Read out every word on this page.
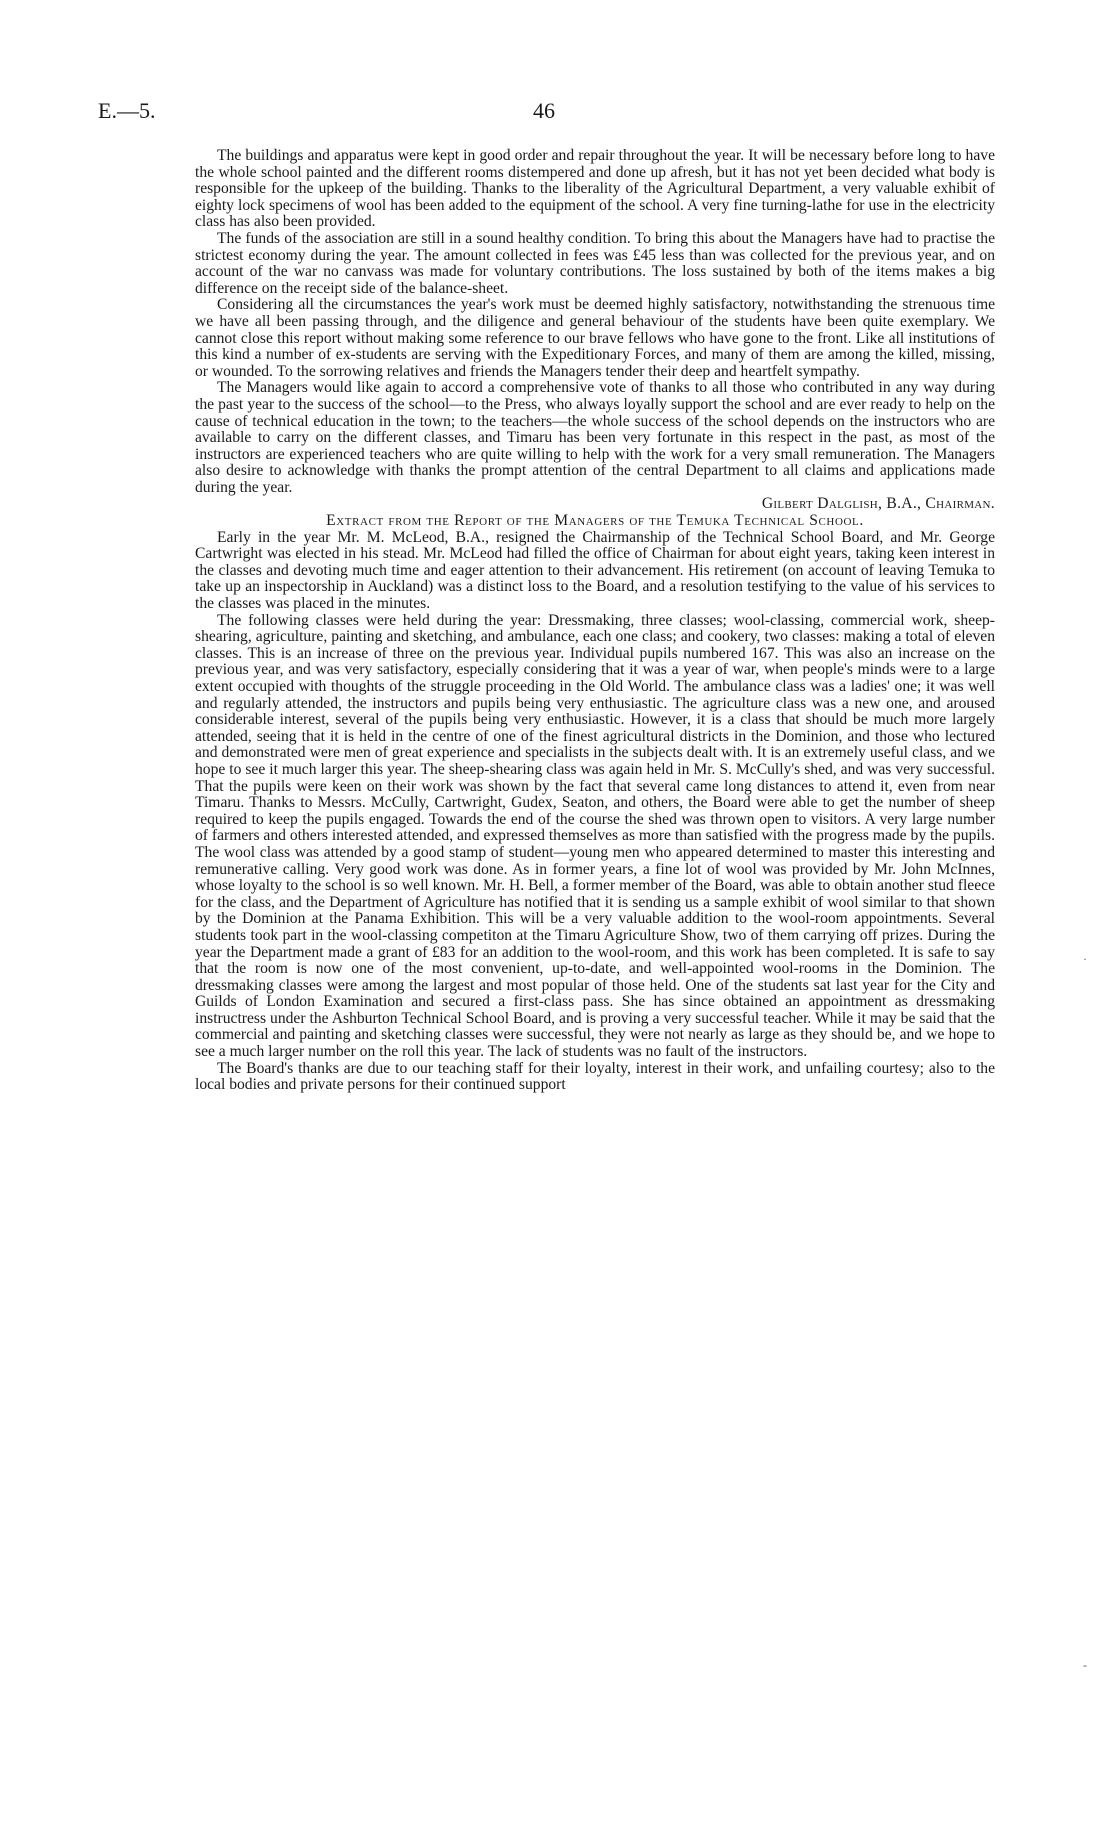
E.—5.	46

The buildings and apparatus were kept in good order and repair throughout the year. It will be necessary before long to have the whole school painted and the different rooms distempered and done up afresh, but it has not yet been decided what body is responsible for the upkeep of the building. Thanks to the liberality of the Agricultural Department, a very valuable exhibit of eighty lock specimens of wool has been added to the equipment of the school. A very fine turning-lathe for use in the electricity class has also been provided.

The funds of the association are still in a sound healthy condition. To bring this about the Managers have had to practise the strictest economy during the year. The amount collected in fees was £45 less than was collected for the previous year, and on account of the war no canvass was made for voluntary contributions. The loss sustained by both of the items makes a big difference on the receipt side of the balance-sheet.

Considering all the circumstances the year's work must be deemed highly satisfactory, notwithstanding the strenuous time we have all been passing through, and the diligence and general behaviour of the students have been quite exemplary. We cannot close this report without making some reference to our brave fellows who have gone to the front. Like all institutions of this kind a number of ex-students are serving with the Expeditionary Forces, and many of them are among the killed, missing, or wounded. To the sorrowing relatives and friends the Managers tender their deep and heartfelt sympathy.

The Managers would like again to accord a comprehensive vote of thanks to all those who contributed in any way during the past year to the success of the school—to the Press, who always loyally support the school and are ever ready to help on the cause of technical education in the town; to the teachers—the whole success of the school depends on the instructors who are available to carry on the different classes, and Timaru has been very fortunate in this respect in the past, as most of the instructors are experienced teachers who are quite willing to help with the work for a very small remuneration. The Managers also desire to acknowledge with thanks the prompt attention of the central Department to all claims and applications made during the year.

Gilbert Dalglish, B.A., Chairman.

Extract from the Report of the Managers of the Temuka Technical School.

Early in the year Mr. M. McLeod, B.A., resigned the Chairmanship of the Technical School Board, and Mr. George Cartwright was elected in his stead. Mr. McLeod had filled the office of Chairman for about eight years, taking keen interest in the classes and devoting much time and eager attention to their advancement. His retirement (on account of leaving Temuka to take up an inspectorship in Auckland) was a distinct loss to the Board, and a resolution testifying to the value of his services to the classes was placed in the minutes.

The following classes were held during the year: Dressmaking, three classes; wool-classing, commercial work, sheep-shearing, agriculture, painting and sketching, and ambulance, each one class; and cookery, two classes: making a total of eleven classes. This is an increase of three on the previous year. Individual pupils numbered 167. This was also an increase on the previous year, and was very satisfactory, especially considering that it was a year of war, when people's minds were to a large extent occupied with thoughts of the struggle proceeding in the Old World. The ambulance class was a ladies' one; it was well and regularly attended, the instructors and pupils being very enthusiastic. The agriculture class was a new one, and aroused considerable interest, several of the pupils being very enthusiastic. However, it is a class that should be much more largely attended, seeing that it is held in the centre of one of the finest agricultural districts in the Dominion, and those who lectured and demonstrated were men of great experience and specialists in the subjects dealt with. It is an extremely useful class, and we hope to see it much larger this year. The sheep-shearing class was again held in Mr. S. McCully's shed, and was very successful. That the pupils were keen on their work was shown by the fact that several came long distances to attend it, even from near Timaru. Thanks to Messrs. McCully, Cartwright, Gudex, Seaton, and others, the Board were able to get the number of sheep required to keep the pupils engaged. Towards the end of the course the shed was thrown open to visitors. A very large number of farmers and others interested attended, and expressed themselves as more than satisfied with the progress made by the pupils. The wool class was attended by a good stamp of student—young men who appeared determined to master this interesting and remunerative calling. Very good work was done. As in former years, a fine lot of wool was provided by Mr. John McInnes, whose loyalty to the school is so well known. Mr. H. Bell, a former member of the Board, was able to obtain another stud fleece for the class, and the Department of Agriculture has notified that it is sending us a sample exhibit of wool similar to that shown by the Dominion at the Panama Exhibition. This will be a very valuable addition to the wool-room appointments. Several students took part in the wool-classing competiton at the Timaru Agriculture Show, two of them carrying off prizes. During the year the Department made a grant of £83 for an addition to the wool-room, and this work has been completed. It is safe to say that the room is now one of the most convenient, up-to-date, and well-appointed wool-rooms in the Dominion. The dressmaking classes were among the largest and most popular of those held. One of the students sat last year for the City and Guilds of London Examination and secured a first-class pass. She has since obtained an appointment as dressmaking instructress under the Ashburton Technical School Board, and is proving a very successful teacher. While it may be said that the commercial and painting and sketching classes were successful, they were not nearly as large as they should be, and we hope to see a much larger number on the roll this year. The lack of students was no fault of the instructors.

The Board's thanks are due to our teaching staff for their loyalty, interest in their work, and unfailing courtesy; also to the local bodies and private persons for their continued support

·
‑
